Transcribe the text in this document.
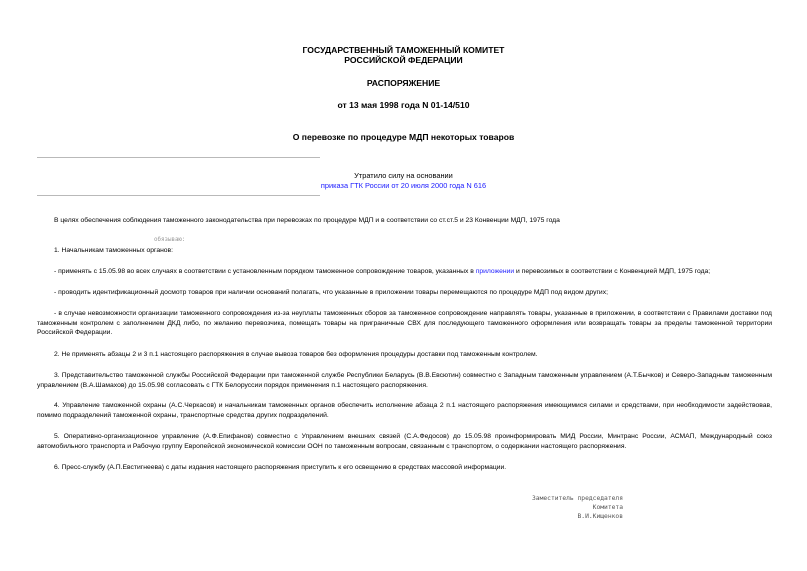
ГОСУДАРСТВЕННЫЙ ТАМОЖЕННЫЙ КОМИТЕТ
РОССИЙСКОЙ ФЕДЕРАЦИИ
РАСПОРЯЖЕНИЕ
от 13 мая 1998 года N 01-14/510
О перевозке по процедуре МДП некоторых товаров
Утратило силу на основании
приказа ГТК России от 20 июля 2000 года N 616
В целях обеспечения соблюдения таможенного законодательства при перевозках по процедуре МДП и в соответствии со ст.ст.5 и 23 Конвенции МДП, 1975 года
обязываю:
1. Начальникам таможенных органов:
- применять с 15.05.98 во всех случаях в соответствии с установленным порядком таможенное сопровождение товаров, указанных в приложении и перевозимых в соответствии с Конвенцией МДП, 1975 года;
- проводить идентификационный досмотр товаров при наличии оснований полагать, что указанные в приложении товары перемещаются по процедуре МДП под видом других;
- в случае невозможности организации таможенного сопровождения из-за неуплаты таможенных сборов за таможенное сопровождение направлять товары, указанные в приложении, в соответствии с Правилами доставки под таможенным контролем с заполнением ДКД либо, по желанию перевозчика, помещать товары на приграничные СВХ для последующего таможенного оформления или возвращать товары за пределы таможенной территории Российской Федерации.
2. Не применять абзацы 2 и 3 п.1 настоящего распоряжения в случае вывоза товаров без оформления процедуры доставки под таможенным контролем.
3. Представительство таможенной службы Российской Федерации при таможенной службе Республики Беларусь (В.В.Евсютин) совместно с Западным таможенным управлением (А.Т.Бычков) и Северо-Западным таможенным управлением (В.А.Шамахов) до 15.05.98 согласовать с ГТК Белоруссии порядок применения п.1 настоящего распоряжения.
4. Управление таможенной охраны (А.С.Черкасов) и начальникам таможенных органов обеспечить исполнение абзаца 2 п.1 настоящего распоряжения имеющимися силами и средствами, при необходимости задействовав, помимо подразделений таможенной охраны, транспортные средства других подразделений.
5. Оперативно-организационное управление (А.Ф.Епифанов) совместно с Управлением внешних связей (С.А.Федосов) до 15.05.98 проинформировать МИД России, Минтранс России, АСМАП, Международный союз автомобильного транспорта и Рабочую группу Европейской экономической комиссии ООН по таможенным вопросам, связанным с транспортом, о содержании настоящего распоряжения.
6. Пресс-службу (А.П.Евстигнеева) с даты издания настоящего распоряжения приступить к его освещению в средствах массовой информации.
Заместитель председателя
Комитета
В.И.Кищенков
